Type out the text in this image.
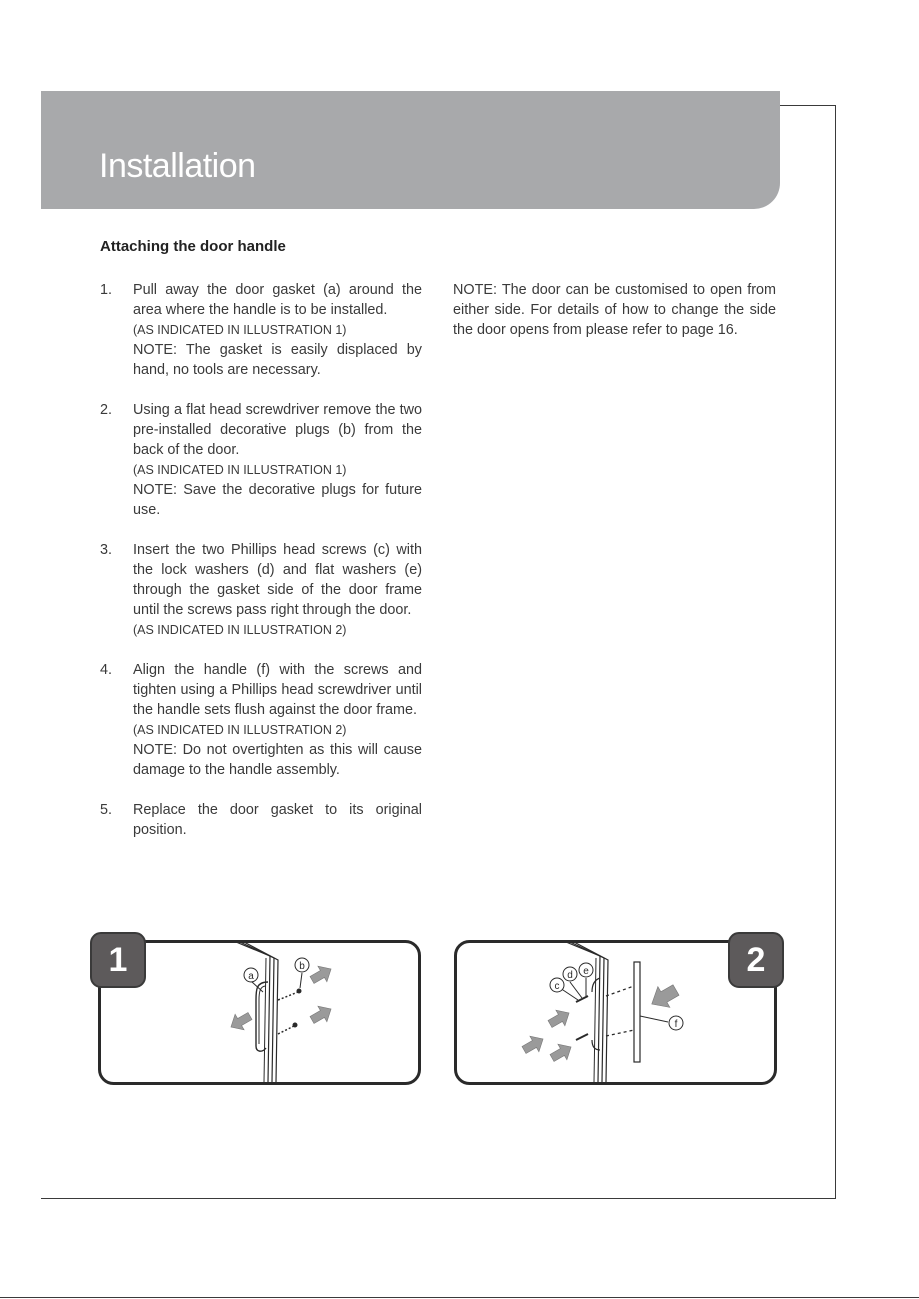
Installation
Attaching the door handle
1. Pull away the door gasket (a) around the area where the handle is to be installed.

(AS INDICATED IN ILLUSTRATION 1)

NOTE: The gasket is easily displaced by hand, no tools are necessary.

2. Using a flat head screwdriver remove the two pre-installed decorative plugs (b) from the back of the door.

(AS INDICATED IN ILLUSTRATION 1)

NOTE: Save the decorative plugs for future use.

3. Insert the two Phillips head screws (c) with the lock washers (d) and flat washers (e) through the gasket side of the door frame until the screws pass right through the door.

(AS INDICATED IN ILLUSTRATION 2)

4. Align the handle (f) with the screws and tighten using a Phillips head screwdriver until the handle sets flush against the door frame.

(AS INDICATED IN ILLUSTRATION 2)

NOTE: Do not overtighten as this will cause damage to the handle assembly.

5. Replace the door gasket to its original position.

NOTE: The door can be customised to open from either side. For details of how to change the side the door opens from please refer to page 16.
a
b
f
c
d e
1	2
